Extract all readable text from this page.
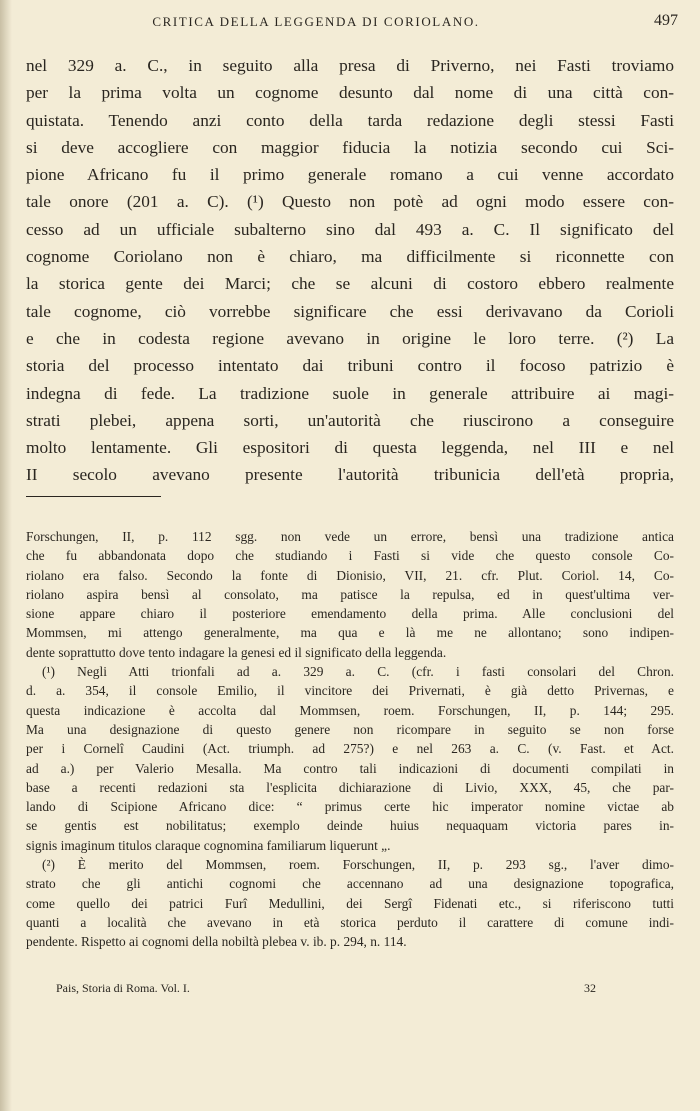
CRITICA DELLA LEGGENDA DI CORIOLANO.	497
nel 329 a. C., in seguito alla presa di Priverno, nei Fasti troviamo
per la prima volta un cognome desunto dal nome di una città con-
quistata. Tenendo anzi conto della tarda redazione degli stessi Fasti
si deve accogliere con maggior fiducia la notizia secondo cui Sci-
pione Africano fu il primo generale romano a cui venne accordato
tale onore (201 a. C). (¹) Questo non potè ad ogni modo essere con-
cesso ad un ufficiale subalterno sino dal 493 a. C. Il significato del
cognome Coriolano non è chiaro, ma difficilmente si riconnette con
la storica gente dei Marci; che se alcuni di costoro ebbero realmente
tale cognome, ciò vorrebbe significare che essi derivavano da Corioli
e che in codesta regione avevano in origine le loro terre. (²) La
storia del processo intentato dai tribuni contro il focoso patrizio è
indegna di fede. La tradizione suole in generale attribuire ai magi-
strati plebei, appena sorti, un'autorità che riuscirono a conseguire
molto lentamente. Gli espositori di questa leggenda, nel III e nel
II secolo avevano presente l'autorità tribunicia dell'età propria,
Forschungen, II, p. 112 sgg. non vede un errore, bensì una tradizione antica
che fu abbandonata dopo che studiando i Fasti si vide che questo console Co-
riolano era falso. Secondo la fonte di Dionisio, VII, 21. cfr. Plut. Coriol. 14, Co-
riolano aspira bensì al consolato, ma patisce la repulsa, ed in quest'ultima ver-
sione appare chiaro il posteriore emendamento della prima. Alle conclusioni del
Mommsen, mi attengo generalmente, ma qua e là me ne allontano; sono indipen-
dente soprattutto dove tento indagare la genesi ed il significato della leggenda.
(¹) Negli Atti trionfali ad a. 329 a. C. (cfr. i fasti consolari del Chron.
d. a. 354, il console Emilio, il vincitore dei Privernati, è già detto Privernas, e
questa indicazione è accolta dal Mommsen, roem. Forschungen, II, p. 144; 295.
Ma una designazione di questo genere non ricompare in seguito se non forse
per i Cornelî Caudini (Act. triumph. ad 275?) e nel 263 a. C. (v. Fast. et Act.
ad a.) per Valerio Mesalla. Ma contro tali indicazioni di documenti compilati in
base a recenti redazioni sta l'esplicita dichiarazione di Livio, XXX, 45, che par-
lando di Scipione Africano dice: “ primus certe hic imperator nomine victae ab
se gentis est nobilitatus; exemplo deinde huius nequaquam victoria pares in-
signis imaginum titulos claraque cognomina familiarum liquerunt „.
(²) È merito del Mommsen, roem. Forschungen, II, p. 293 sg., l'aver dimo-
strato che gli antichi cognomi che accennano ad una designazione topografica,
come quello dei patrici Furî Medullini, dei Sergî Fidenati etc., si riferiscono tutti
quanti a località che avevano in età storica perduto il carattere di comune indi-
pendente. Rispetto ai cognomi della nobiltà plebea v. ib. p. 294, n. 114.
Pais, Storia di Roma. Vol. I.	32
